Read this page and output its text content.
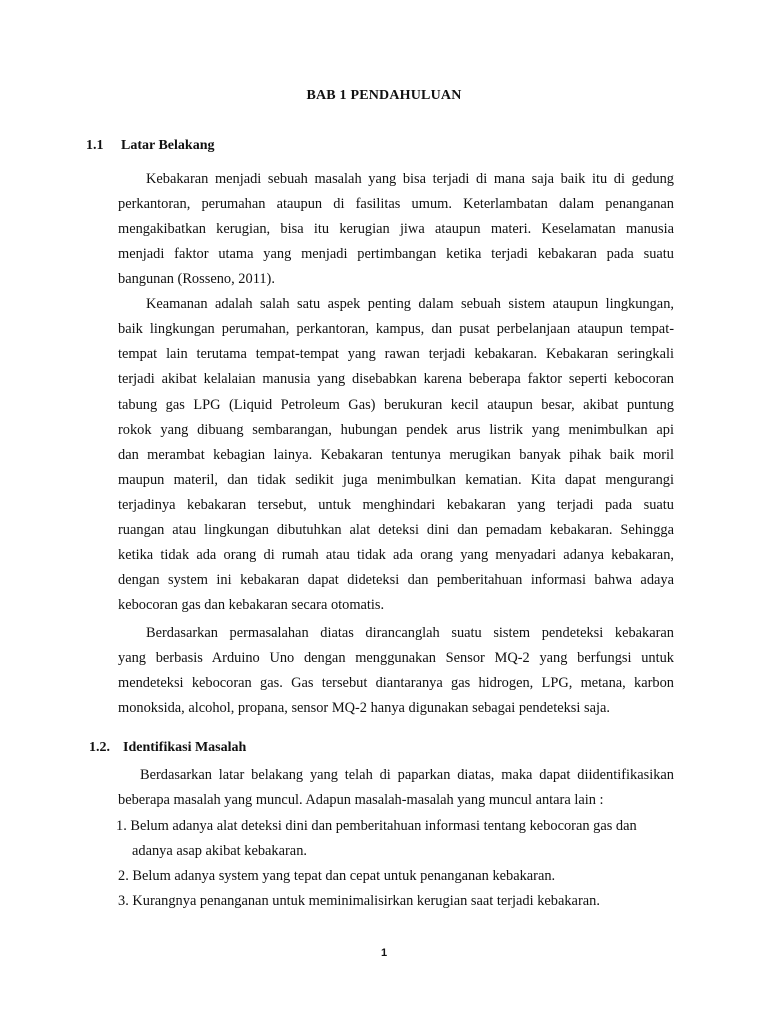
BAB 1 PENDAHULUAN
1.1 Latar Belakang
Kebakaran menjadi sebuah masalah yang bisa terjadi di mana saja baik itu di gedung
perkantoran, perumahan ataupun di fasilitas umum. Keterlambatan dalam penanganan
mengakibatkan kerugian, bisa itu kerugian jiwa ataupun materi. Keselamatan manusia
menjadi faktor utama yang menjadi pertimbangan ketika terjadi kebakaran pada suatu
bangunan (Rosseno, 2011).
Keamanan adalah salah satu aspek penting dalam sebuah sistem ataupun lingkungan,
baik lingkungan perumahan, perkantoran, kampus, dan pusat perbelanjaan ataupun tempat-
tempat lain terutama tempat-tempat yang rawan terjadi kebakaran. Kebakaran seringkali
terjadi akibat kelalaian manusia yang disebabkan karena beberapa faktor seperti kebocoran
tabung gas LPG (Liquid Petroleum Gas) berukuran kecil ataupun besar, akibat puntung
rokok yang dibuang sembarangan, hubungan pendek arus listrik yang menimbulkan api
dan merambat kebagian lainya. Kebakaran tentunya merugikan banyak pihak baik moril
maupun materil, dan tidak sedikit juga menimbulkan kematian. Kita dapat mengurangi
terjadinya kebakaran tersebut, untuk menghindari kebakaran yang terjadi pada suatu
ruangan atau lingkungan dibutuhkan alat deteksi dini dan pemadam kebakaran. Sehingga
ketika tidak ada orang di rumah atau tidak ada orang yang menyadari adanya kebakaran,
dengan system ini kebakaran dapat dideteksi dan pemberitahuan informasi bahwa adaya
kebocoran gas dan kebakaran secara otomatis.
Berdasarkan permasalahan diatas dirancanglah suatu sistem pendeteksi kebakaran
yang berbasis Arduino Uno dengan menggunakan Sensor MQ-2 yang berfungsi untuk
mendeteksi kebocoran gas. Gas tersebut diantaranya gas hidrogen, LPG, metana, karbon
monoksida, alcohol, propana, sensor MQ-2 hanya digunakan sebagai pendeteksi saja.
1.2. Identifikasi Masalah
Berdasarkan latar belakang yang telah di paparkan diatas, maka dapat diidentifikasikan
beberapa masalah yang muncul. Adapun masalah-masalah yang muncul antara lain :
1. Belum adanya alat deteksi dini dan pemberitahuan informasi tentang kebocoran gas dan
adanya asap akibat kebakaran.
2. Belum adanya system yang tepat dan cepat untuk penanganan kebakaran.
3. Kurangnya penanganan untuk meminimalisirkan kerugian saat terjadi kebakaran.
1
